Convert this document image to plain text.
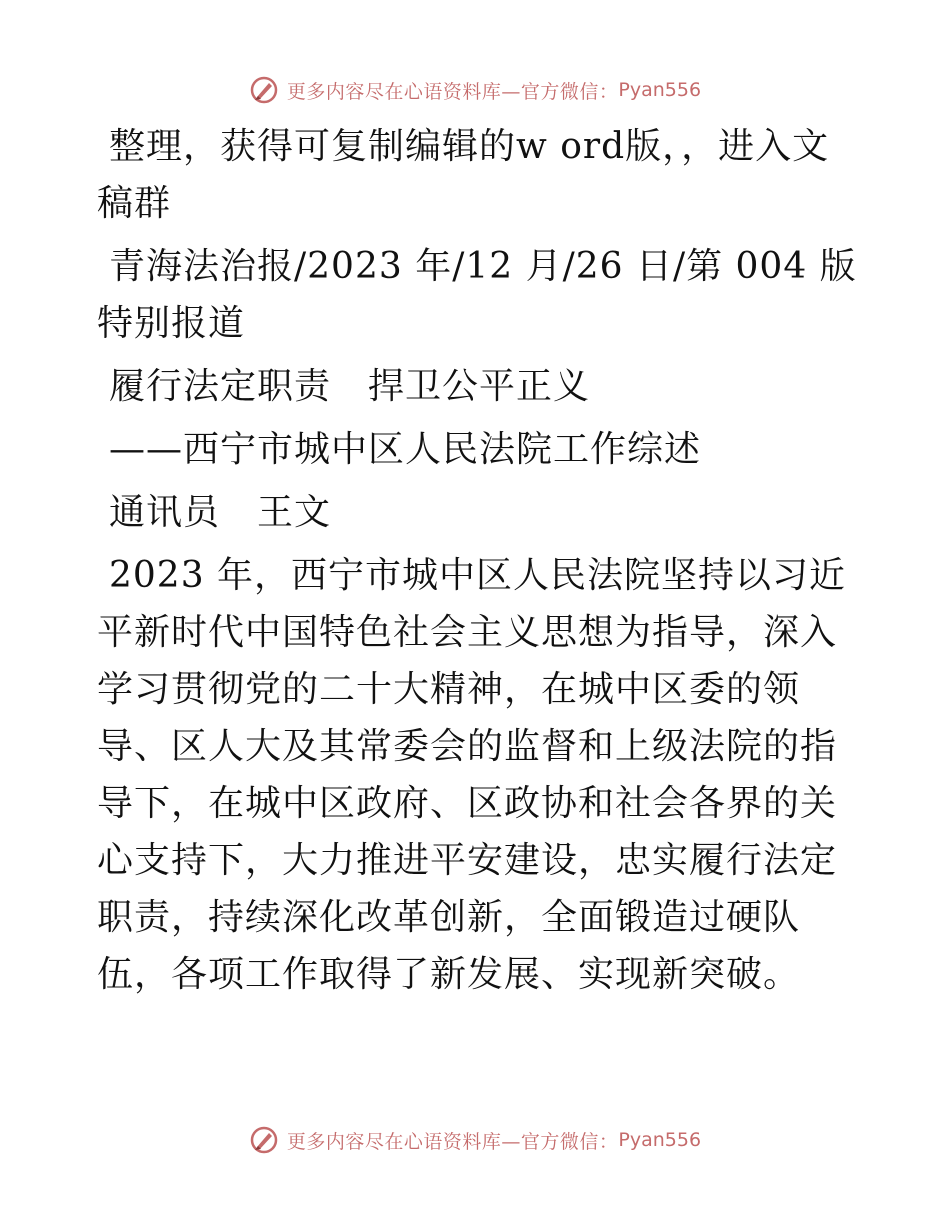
更多内容尽在心语资料库—官方微信： Pyan556

整理，获得可复制编辑的w ord版，，进入文稿群

青海法治报/2023 年/12 月/26 日/第 004 版特别报道

履行法定职责　捍卫公平正义

——西宁市城中区人民法院工作综述

通讯员　王文

2023 年，西宁市城中区人民法院坚持以习近平新时代中国特色社会主义思想为指导，深入学习贯彻党的二十大精神，在城中区委的领导、区人大及其常委会的监督和上级法院的指导下，在城中区政府、区政协和社会各界的关心支持下，大力推进平安建设，忠实履行法定职责，持续深化改革创新，全面锻造过硬队伍，各项工作取得了新发展、实现新突破。

更多内容尽在心语资料库—官方微信： Pyan556
